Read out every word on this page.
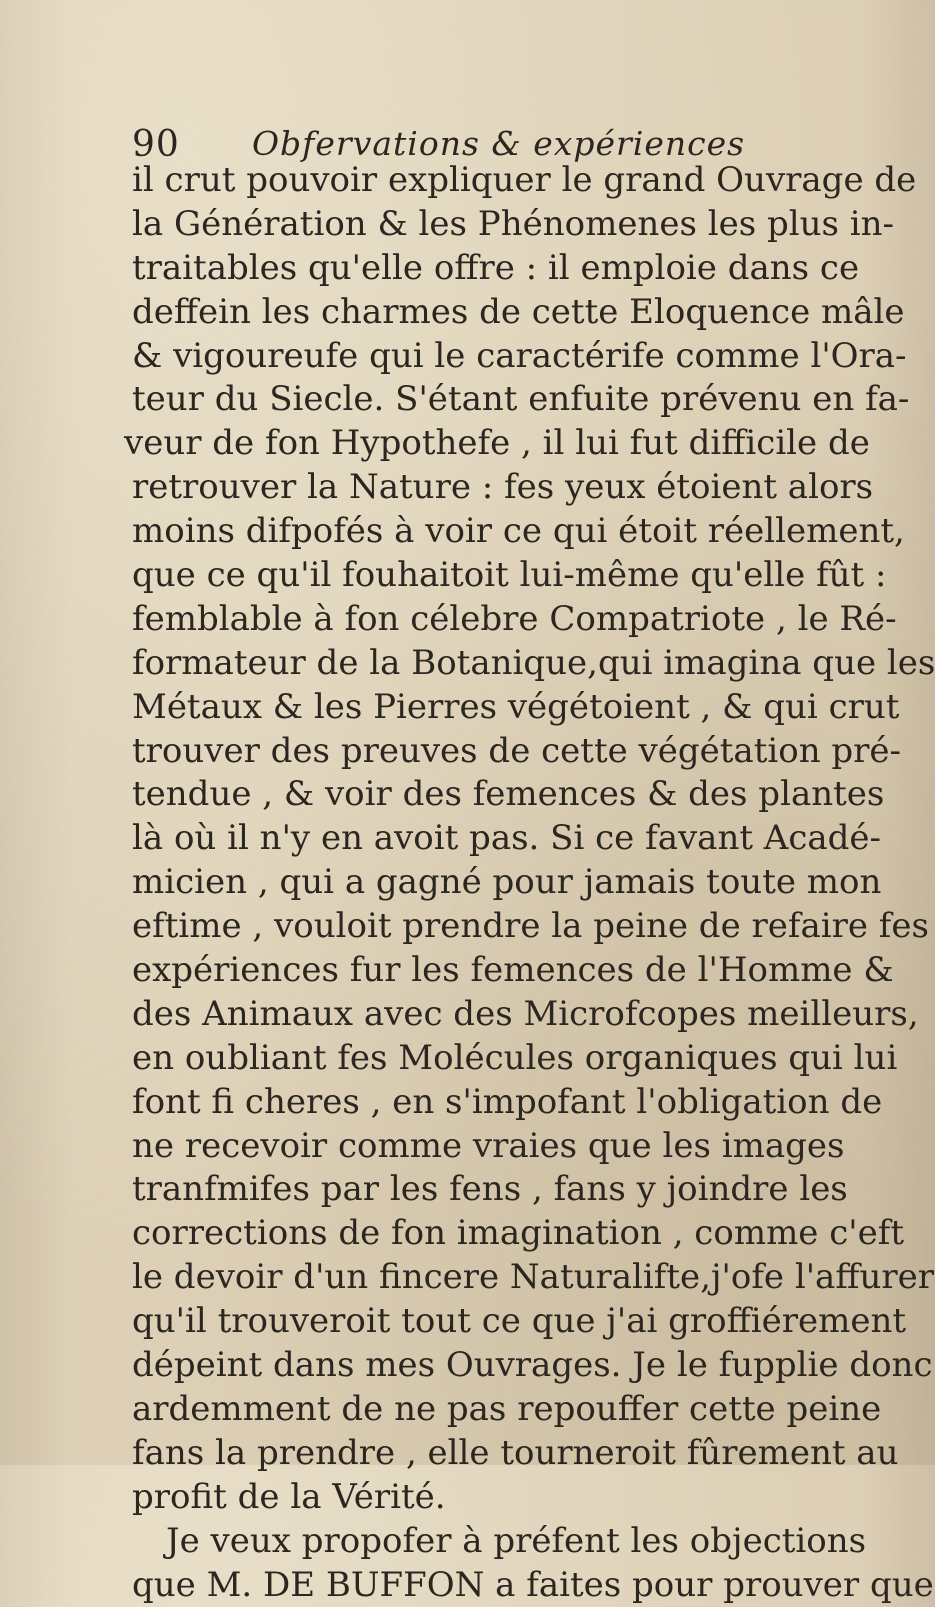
90 Obfervations & expériences
il crut pouvoir expliquer le grand Ouvrage de
la Génération & les Phénomenes les plus in-
traitables qu'elle offre : il emploie dans ce
deffein les charmes de cette Eloquence mâle
& vigoureufe qui le caractérife comme l'Ora-
teur du Siecle. S'étant enfuite prévenu en fa-
veur de fon Hypothefe , il lui fut difficile de
retrouver la Nature : fes yeux étoient alors
moins difpofés à voir ce qui étoit réellement,
que ce qu'il fouhaitoit lui-même qu'elle fût :
femblable à fon célebre Compatriote , le Ré-
formateur de la Botanique,qui imagina que les
Métaux & les Pierres végétoient , & qui crut
trouver des preuves de cette végétation pré-
tendue , & voir des femences & des plantes
là où il n'y en avoit pas. Si ce favant Acadé-
micien , qui a gagné pour jamais toute mon
eftime , vouloit prendre la peine de refaire fes
expériences fur les femences de l'Homme &
des Animaux avec des Microfcopes meilleurs,
en oubliant fes Molécules organiques qui lui
font fi cheres , en s'impofant l'obligation de
ne recevoir comme vraies que les images
tranfmifes par les fens , fans y joindre les
corrections de fon imagination , comme c'eft
le devoir d'un fincere Naturalifte,j'ofe l'affurer
qu'il trouveroit tout ce que j'ai groffiérement
dépeint dans mes Ouvrages. Je le fupplie donc
ardemment de ne pas repouffer cette peine
fans la prendre , elle tourneroit fûrement au
profit de la Vérité.
Je veux propofer à préfent les objections
que M. DE BUFFON a faites pour prouver que
